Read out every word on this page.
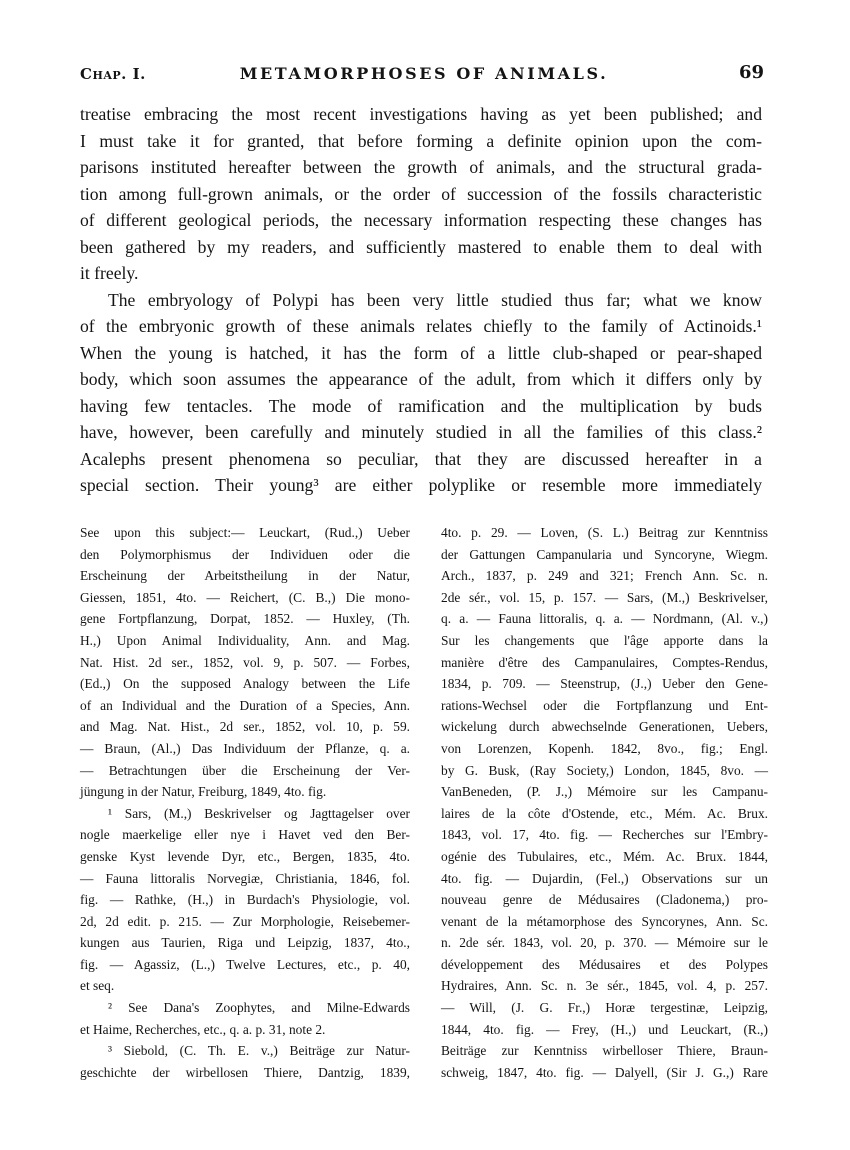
Chap. I.	METAMORPHOSES OF ANIMALS.	69
treatise embracing the most recent investigations having as yet been published; and
I must take it for granted, that before forming a definite opinion upon the com-
parisons instituted hereafter between the growth of animals, and the structural grada-
tion among full-grown animals, or the order of succession of the fossils characteristic
of different geological periods, the necessary information respecting these changes has
been gathered by my readers, and sufficiently mastered to enable them to deal with
it freely.
The embryology of Polypi has been very little studied thus far; what we know
of the embryonic growth of these animals relates chiefly to the family of Actinoids.¹
When the young is hatched, it has the form of a little club-shaped or pear-shaped
body, which soon assumes the appearance of the adult, from which it differs only by
having few tentacles. The mode of ramification and the multiplication by buds
have, however, been carefully and minutely studied in all the families of this class.²
Acalephs present phenomena so peculiar, that they are discussed hereafter in a
special section. Their young³ are either polyplike or resemble more immediately
See upon this subject:— Leuckart, (Rud.,) Ueber
den Polymorphismus der Individuen oder die
Erscheinung der Arbeitstheilung in der Natur,
Giessen, 1851, 4to. — Reichert, (C. B.,) Die mono-
gene Fortpflanzung, Dorpat, 1852. — Huxley, (Th.
H.,) Upon Animal Individuality, Ann. and Mag.
Nat. Hist. 2d ser., 1852, vol. 9, p. 507. — Forbes,
(Ed.,) On the supposed Analogy between the Life
of an Individual and the Duration of a Species, Ann.
and Mag. Nat. Hist., 2d ser., 1852, vol. 10, p. 59.
— Braun, (Al.,) Das Individuum der Pflanze, q. a.
— Betrachtungen über die Erscheinung der Ver-
jüngung in der Natur, Freiburg, 1849, 4to. fig.
¹ Sars, (M.,) Beskrivelser og Jagttagelser over
nogle maerkelige eller nye i Havet ved den Ber-
genske Kyst levende Dyr, etc., Bergen, 1835, 4to.
— Fauna littoralis Norvegiæ, Christiania, 1846, fol.
fig. — Rathke, (H.,) in Burdach's Physiologie, vol.
2d, 2d edit. p. 215. — Zur Morphologie, Reisebemer-
kungen aus Taurien, Riga und Leipzig, 1837, 4to.,
fig. — Agassiz, (L.,) Twelve Lectures, etc., p. 40,
et seq.
² See Dana's Zoophytes, and Milne-Edwards
et Haime, Recherches, etc., q. a. p. 31, note 2.
³ Siebold, (C. Th. E. v.,) Beiträge zur Natur-
geschichte der wirbellosen Thiere, Dantzig, 1839,
4to. p. 29. — Loven, (S. L.) Beitrag zur Kenntniss
der Gattungen Campanularia und Syncoryne, Wiegm.
Arch., 1837, p. 249 and 321; French Ann. Sc. n.
2de sér., vol. 15, p. 157. — Sars, (M.,) Beskrivelser,
q. a. — Fauna littoralis, q. a. — Nordmann, (Al. v.,)
Sur les changements que l'âge apporte dans la
manière d'être des Campanulaires, Comptes-Rendus,
1834, p. 709. — Steenstrup, (J.,) Ueber den Gene-
rations-Wechsel oder die Fortpflanzung und Ent-
wickelung durch abwechselnde Generationen, Uebers,
von Lorenzen, Kopenh. 1842, 8vo., fig.; Engl.
by G. Busk, (Ray Society,) London, 1845, 8vo. —
VanBeneden, (P. J.,) Mémoire sur les Campanu-
laires de la côte d'Ostende, etc., Mém. Ac. Brux.
1843, vol. 17, 4to. fig. — Recherches sur l'Embry-
ogénie des Tubulaires, etc., Mém. Ac. Brux. 1844,
4to. fig. — Dujardin, (Fel.,) Observations sur un
nouveau genre de Médusaires (Cladonema,) pro-
venant de la métamorphose des Syncorynes, Ann. Sc.
n. 2de sér. 1843, vol. 20, p. 370. — Mémoire sur le
développement des Médusaires et des Polypes
Hydraires, Ann. Sc. n. 3e sér., 1845, vol. 4, p. 257.
— Will, (J. G. Fr.,) Horæ tergestinæ, Leipzig,
1844, 4to. fig. — Frey, (H.,) und Leuckart, (R.,)
Beiträge zur Kenntniss wirbelloser Thiere, Braun-
schweig, 1847, 4to. fig. — Dalyell, (Sir J. G.,) Rare
